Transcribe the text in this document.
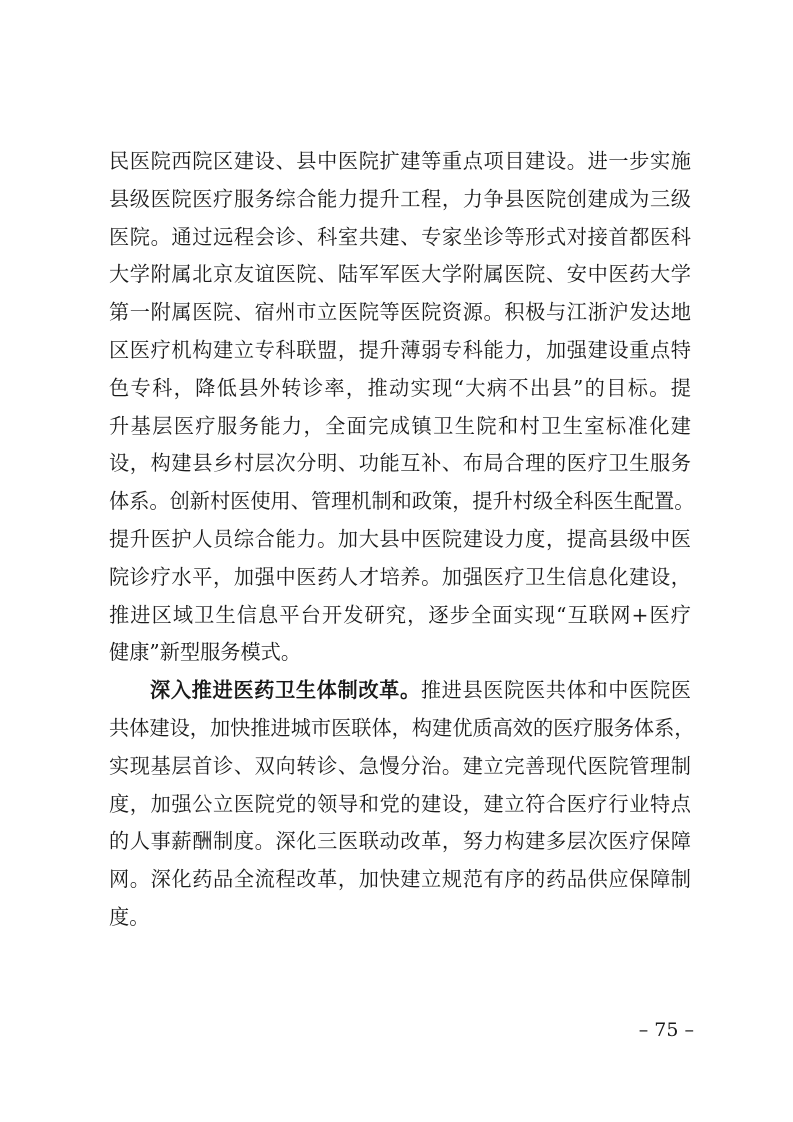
民医院西院区建设、县中医院扩建等重点项目建设。进一步实施
县级医院医疗服务综合能力提升工程，力争县医院创建成为三级
医院。通过远程会诊、科室共建、专家坐诊等形式对接首都医科
大学附属北京友谊医院、陆军军医大学附属医院、安中医药大学
第一附属医院、宿州市立医院等医院资源。积极与江浙沪发达地
区医疗机构建立专科联盟，提升薄弱专科能力，加强建设重点特
色专科，降低县外转诊率，推动实现“大病不出县”的目标。提
升基层医疗服务能力，全面完成镇卫生院和村卫生室标准化建
设，构建县乡村层次分明、功能互补、布局合理的医疗卫生服务
体系。创新村医使用、管理机制和政策，提升村级全科医生配置。
提升医护人员综合能力。加大县中医院建设力度，提高县级中医
院诊疗水平，加强中医药人才培养。加强医疗卫生信息化建设，
推进区域卫生信息平台开发研究，逐步全面实现“互联网+医疗
健康”新型服务模式。
深入推进医药卫生体制改革。推进县医院医共体和中医院医
共体建设，加快推进城市医联体，构建优质高效的医疗服务体系，
实现基层首诊、双向转诊、急慢分治。建立完善现代医院管理制
度，加强公立医院党的领导和党的建设，建立符合医疗行业特点
的人事薪酬制度。深化三医联动改革，努力构建多层次医疗保障
网。深化药品全流程改革，加快建立规范有序的药品供应保障制
度。
– 75 –
